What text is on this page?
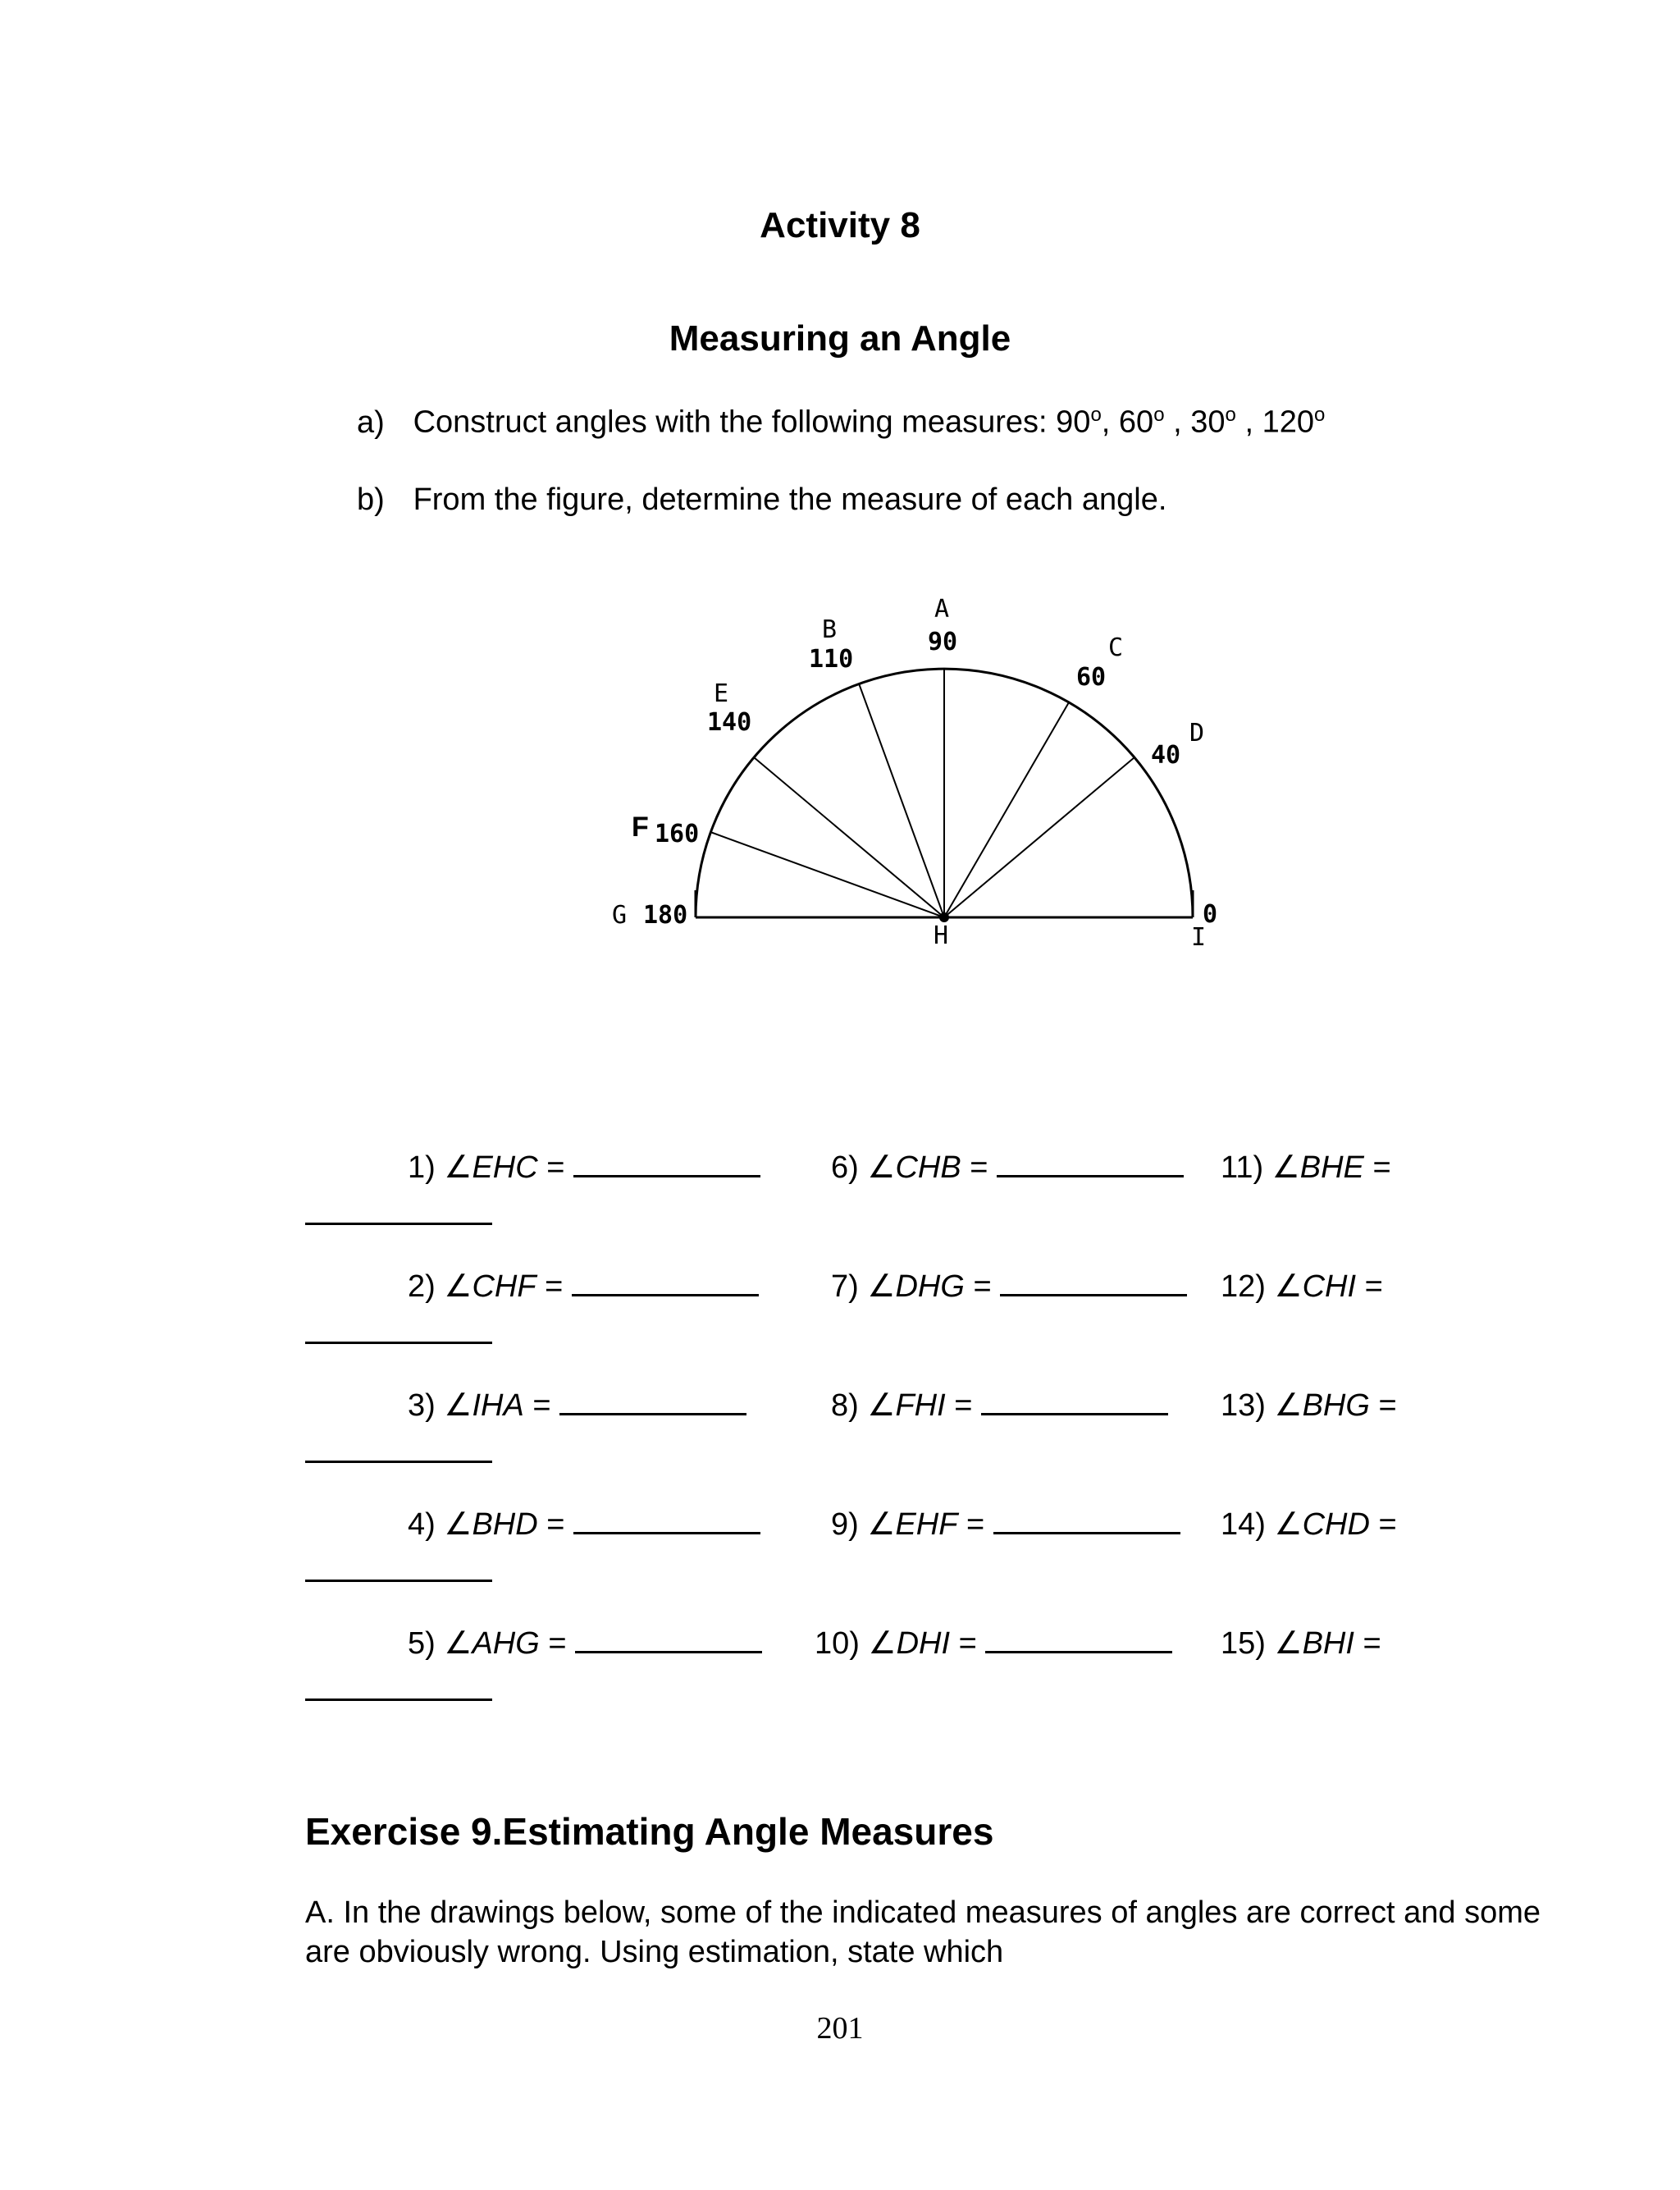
Activity 8
Measuring an Angle
a) Construct angles with the following measures: 90$^o$, 60$^o$ , 30$^o$ , 120$^o$
b) From the figure, determine the measure of each angle.
A
90
B
110	C
60
E
140	D
40
F 160
G 180
H
0
I
1) ∠EHC =	6) ∠CHB =	11) ∠BHE =
2) ∠CHF =	7) ∠DHG =	12) ∠CHI =
3) ∠IHA =	8) ∠FHI =	13) ∠BHG =
4) ∠BHD =	9) ∠EHF =	14) ∠CHD =
5) ∠AHG =	10) ∠DHI =	15) ∠BHI =
Exercise 9.Estimating Angle Measures
A. In the drawings below, some of the indicated measures of angles are correct and some are obviously wrong. Using estimation, state which
201
